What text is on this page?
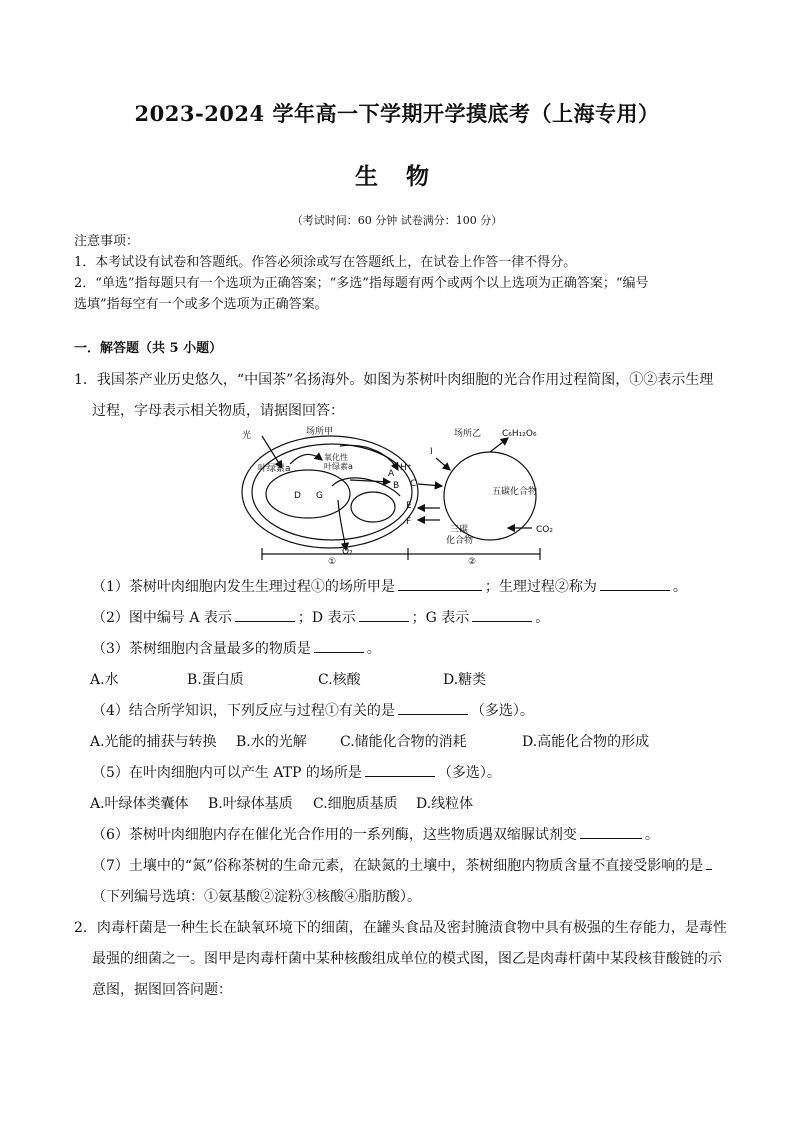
2023-2024 学年高一下学期开学摸底考（上海专用）
生 物
（考试时间：60 分钟 试卷满分：100 分）
注意事项：
1．本考试设有试卷和答题纸。作答必须涂或写在答题纸上，在试卷上作答一律不得分。
2．“单选”指每题只有一个选项为正确答案；“多选”指每题有两个或两个以上选项为正确答案；“编号
选填”指每空有一个或多个选项为正确答案。
一．解答题（共 5 小题）
1．我国茶产业历史悠久，“中国茶”名扬海外。如图为茶树叶肉细胞的光合作用过程简图，①②表示生理
过程，字母表示相关物质，请据图回答：
光	场所甲	场所乙
叶绿素a
氧化性
叶绿素a
A
B C
H⁺
D G
E
F
I
O₂
C₆H₁₂O₆
五碳化合物
三碳
化合物
CO₂
①	②
（1）茶树叶肉细胞内发生生理过程①的场所甲是	；生理过程②称为	。
（2）图中编号 A 表示	；D 表示	；G 表示	。
（3）茶树细胞内含量最多的物质是	。
A.水	B.蛋白质	C.核酸	D.糖类
（4）结合所学知识，下列反应与过程①有关的是	（多选）。
A.光能的捕获与转换 B.水的光解 C.储能化合物的消耗	D.高能化合物的形成
（5）在叶肉细胞内可以产生 ATP 的场所是	（多选）。
A.叶绿体类囊体 B.叶绿体基质 C.细胞质基质 D.线粒体
（6）茶树叶肉细胞内存在催化光合作用的一系列酶，这些物质遇双缩脲试剂变	。
（7）土壤中的“氮”俗称茶树的生命元素，在缺氮的土壤中，茶树细胞内物质含量不直接受影响的是
（下列编号选填：①氨基酸②淀粉③核酸④脂肪酸）。
2．肉毒杆菌是一种生长在缺氧环境下的细菌，在罐头食品及密封腌渍食物中具有极强的生存能力，是毒性
最强的细菌之一。图甲是肉毒杆菌中某种核酸组成单位的模式图，图乙是肉毒杆菌中某段核苷酸链的示
意图，据图回答问题：
